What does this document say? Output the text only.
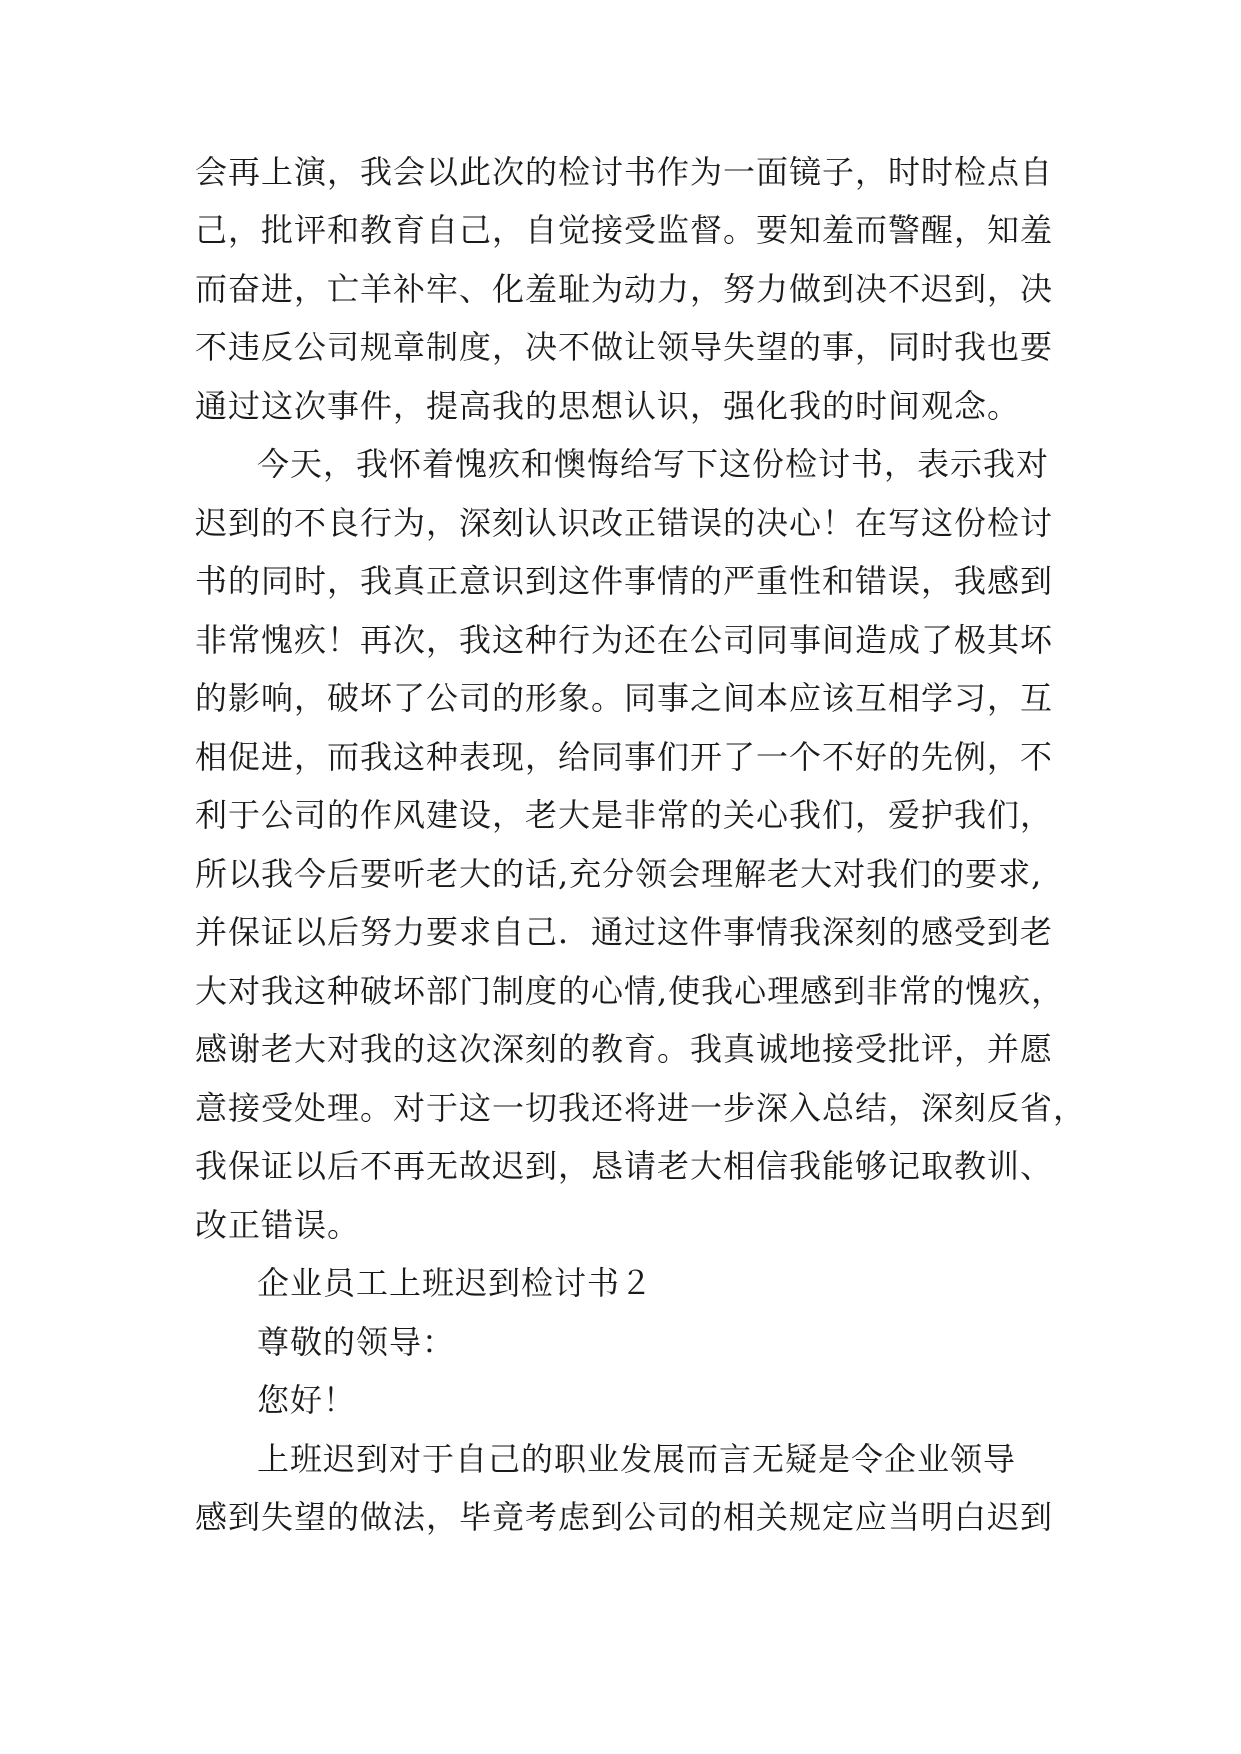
会再上演，我会以此次的检讨书作为一面镜子，时时检点自
己，批评和教育自己，自觉接受监督。要知羞而警醒，知羞
而奋进，亡羊补牢、化羞耻为动力，努力做到决不迟到，决
不违反公司规章制度，决不做让领导失望的事，同时我也要
通过这次事件，提高我的思想认识，强化我的时间观念。
今天，我怀着愧疚和懊悔给写下这份检讨书，表示我对
迟到的不良行为，深刻认识改正错误的决心！在写这份检讨
书的同时，我真正意识到这件事情的严重性和错误，我感到
非常愧疚！再次，我这种行为还在公司同事间造成了极其坏
的影响，破坏了公司的形象。同事之间本应该互相学习，互
相促进，而我这种表现，给同事们开了一个不好的先例，不
利于公司的作风建设，老大是非常的关心我们，爱护我们，
所以我今后要听老大的话,充分领会理解老大对我们的要求,
并保证以后努力要求自己．通过这件事情我深刻的感受到老
大对我这种破坏部门制度的心情,使我心理感到非常的愧疚，
感谢老大对我的这次深刻的教育。我真诚地接受批评，并愿
意接受处理。对于这一切我还将进一步深入总结，深刻反省，
我保证以后不再无故迟到，恳请老大相信我能够记取教训、
改正错误。
企业员工上班迟到检讨书２
尊敬的领导：
您好！
上班迟到对于自己的职业发展而言无疑是令企业领导
感到失望的做法，毕竟考虑到公司的相关规定应当明白迟到
